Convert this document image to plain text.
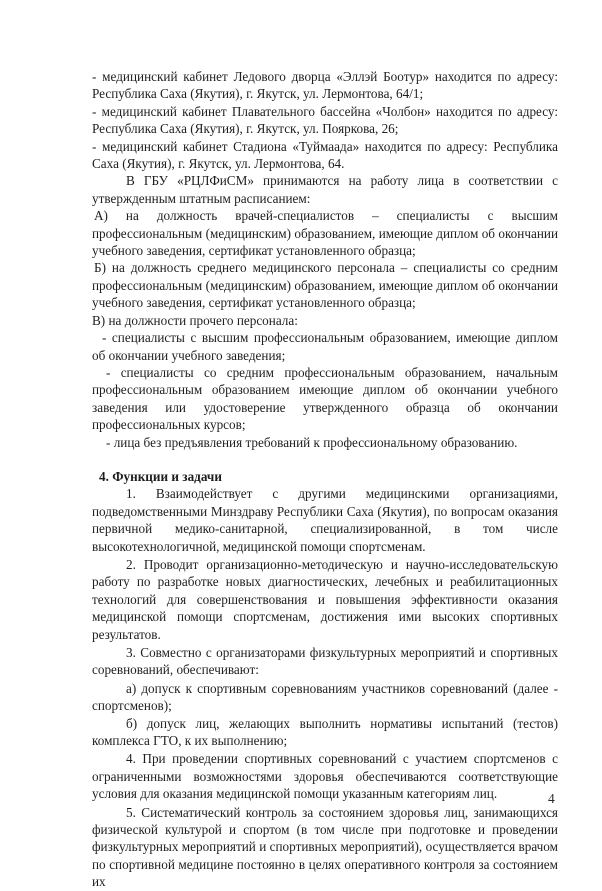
- медицинский кабинет Ледового дворца «Эллэй Боотур» находится по адресу: Республика Саха (Якутия), г. Якутск, ул. Лермонтова, 64/1;

- медицинский кабинет Плавательного бассейна «Чолбон» находится по адресу: Республика Саха (Якутия), г. Якутск, ул. Пояркова, 26;

- медицинский кабинет Стадиона «Туймаада» находится по адресу: Республика Саха (Якутия), г. Якутск, ул. Лермонтова, 64.

В ГБУ «РЦЛФиСМ» принимаются на работу лица в соответствии с утвержденным штатным расписанием:

А) на должность врачей-специалистов – специалисты с высшим профессиональным (медицинским) образованием, имеющие диплом об окончании учебного заведения, сертификат установленного образца;

Б) на должность среднего медицинского персонала – специалисты со средним профессиональным (медицинским) образованием, имеющие диплом об окончании учебного заведения, сертификат установленного образца;

В) на должности прочего персонала:

- специалисты с высшим профессиональным образованием, имеющие диплом об окончании учебного заведения;

- специалисты со средним профессиональным образованием, начальным профессиональным образованием имеющие диплом об окончании учебного заведения или удостоверение утвержденного образца об окончании профессиональных курсов;

- лица без предъявления требований к профессиональному образованию.

4. Функции и задачи

1. Взаимодействует с другими медицинскими организациями, подведомственными Минздраву Республики Саха (Якутия), по вопросам оказания первичной медико-санитарной, специализированной, в том числе высокотехнологичной, медицинской помощи спортсменам.

2. Проводит организационно-методическую и научно-исследовательскую работу по разработке новых диагностических, лечебных и реабилитационных технологий для совершенствования и повышения эффективности оказания медицинской помощи спортсменам, достижения ими высоких спортивных результатов.

3. Совместно с организаторами физкультурных мероприятий и спортивных соревнований, обеспечивают:

а) допуск к спортивным соревнованиям участников соревнований (далее - спортсменов);

б) допуск лиц, желающих выполнить нормативы испытаний (тестов) комплекса ГТО, к их выполнению;

4. При проведении спортивных соревнований с участием спортсменов с ограниченными возможностями здоровья обеспечиваются соответствующие условия для оказания медицинской помощи указанным категориям лиц.

5. Систематический контроль за состоянием здоровья лиц, занимающихся физической культурой и спортом (в том числе при подготовке и проведении физкультурных мероприятий и спортивных мероприятий), осуществляется врачом по спортивной медицине постоянно в целях оперативного контроля за состоянием их

4
